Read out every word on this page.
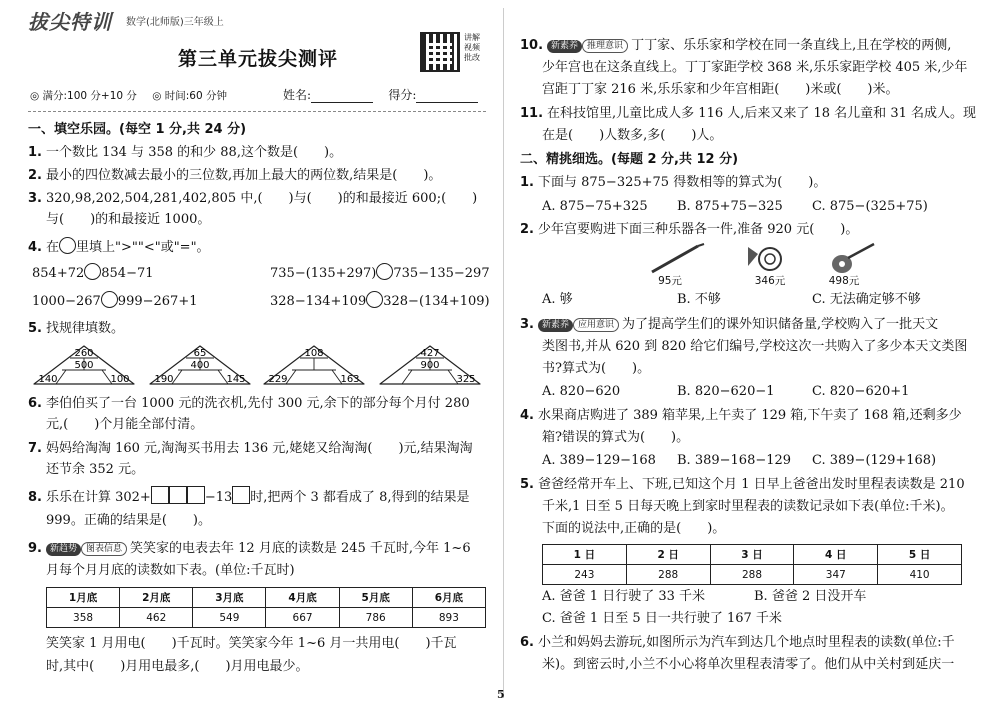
拔尖特训 数学(北师版)三年级上
第三单元拔尖测评
讲解视频批改
◎ 满分:100 分+10 分 ◎ 时间:60 分钟	姓名:	得分:
一、填空乐园。(每空 1 分,共 24 分)
1. 一个数比 134 与 358 的和少 88,这个数是(　　)。
2. 最小的四位数减去最小的三位数,再加上最大的两位数,结果是(　　)。
3. 320,98,202,504,281,402,805 中,(　　)与(　　)的和最接近 600;(　　)
与(　　)的和最接近 1000。
4. 在 里填上">""<"或"="。
854+72 854−71	735−(135+297) 735−135−297
1000−267 999−267+1	328−134+109 328−(134+109)
5. 找规律填数。
260
500
140	100
65
400
190	145
108
229	163
427
900
325
6. 李伯伯买了一台 1000 元的洗衣机,先付 300 元,余下的部分每个月付 280
元,(　　)个月能全部付清。
7. 妈妈给淘淘 160 元,淘淘买书用去 136 元,姥姥又给淘淘(　　)元,结果淘淘
还节余 352 元。
8. 乐乐在计算 302+	−13 时,把两个 3 都看成了 8,得到的结果是
999。正确的结果是(　　)。
9. 新趋势 图表信息 笑笑家的电表去年 12 月底的读数是 245 千瓦时,今年 1~6
月每个月月底的读数如下表。(单位:千瓦时)
1月底	2月底	3月底	4月底	5月底	6月底
358	462	549	667	786	893
笑笑家 1 月用电(　　)千瓦时。笑笑家今年 1~6 月一共用电(　　)千瓦
时,其中(　　)月用电最多,(　　)月用电最少。
10. 新素养 推理意识 丁丁家、乐乐家和学校在同一条直线上,且在学校的两侧,
少年宫也在这条直线上。丁丁家距学校 368 米,乐乐家距学校 405 米,少年
宫距丁丁家 216 米,乐乐家和少年宫相距(　　)米或(　　)米。
11. 在科技馆里,儿童比成人多 116 人,后来又来了 18 名儿童和 31 名成人。现
在是(　　)人数多,多(　　)人。
二、精挑细选。(每题 2 分,共 12 分)
1. 下面与 875−325+75 得数相等的算式为(　　)。
A. 875−75+325 B. 875+75−325 C. 875−(325+75)
2. 少年宫要购进下面三种乐器各一件,准备 920 元(　　)。
95元	346元	498元
A. 够	B. 不够	C. 无法确定够不够
3. 新素养 应用意识 为了提高学生们的课外知识储备量,学校购入了一批天文
类图书,并从 620 到 820 给它们编号,学校这次一共购入了多少本天文类图
书?算式为(　　)。
A. 820−620	B. 820−620−1	C. 820−620+1
4. 水果商店购进了 389 箱苹果,上午卖了 129 箱,下午卖了 168 箱,还剩多少
箱?错误的算式为(　　)。
A. 389−129−168 B. 389−168−129 C. 389−(129+168)
5. 爸爸经常开车上、下班,已知这个月 1 日早上爸爸出发时里程表读数是 210
千米,1 日至 5 日每天晚上到家时里程表的读数记录如下表(单位:千米)。
下面的说法中,正确的是(　　)。
1 日	2 日	3 日	4 日	5 日
243	288	288	347	410
A. 爸爸 1 日行驶了 33 千米	B. 爸爸 2 日没开车
C. 爸爸 1 日至 5 日一共行驶了 167 千米
6. 小兰和妈妈去游玩,如图所示为汽车到达几个地点时里程表的读数(单位:千
米)。到密云时,小兰不小心将单次里程表清零了。他们从中关村到延庆一
5
